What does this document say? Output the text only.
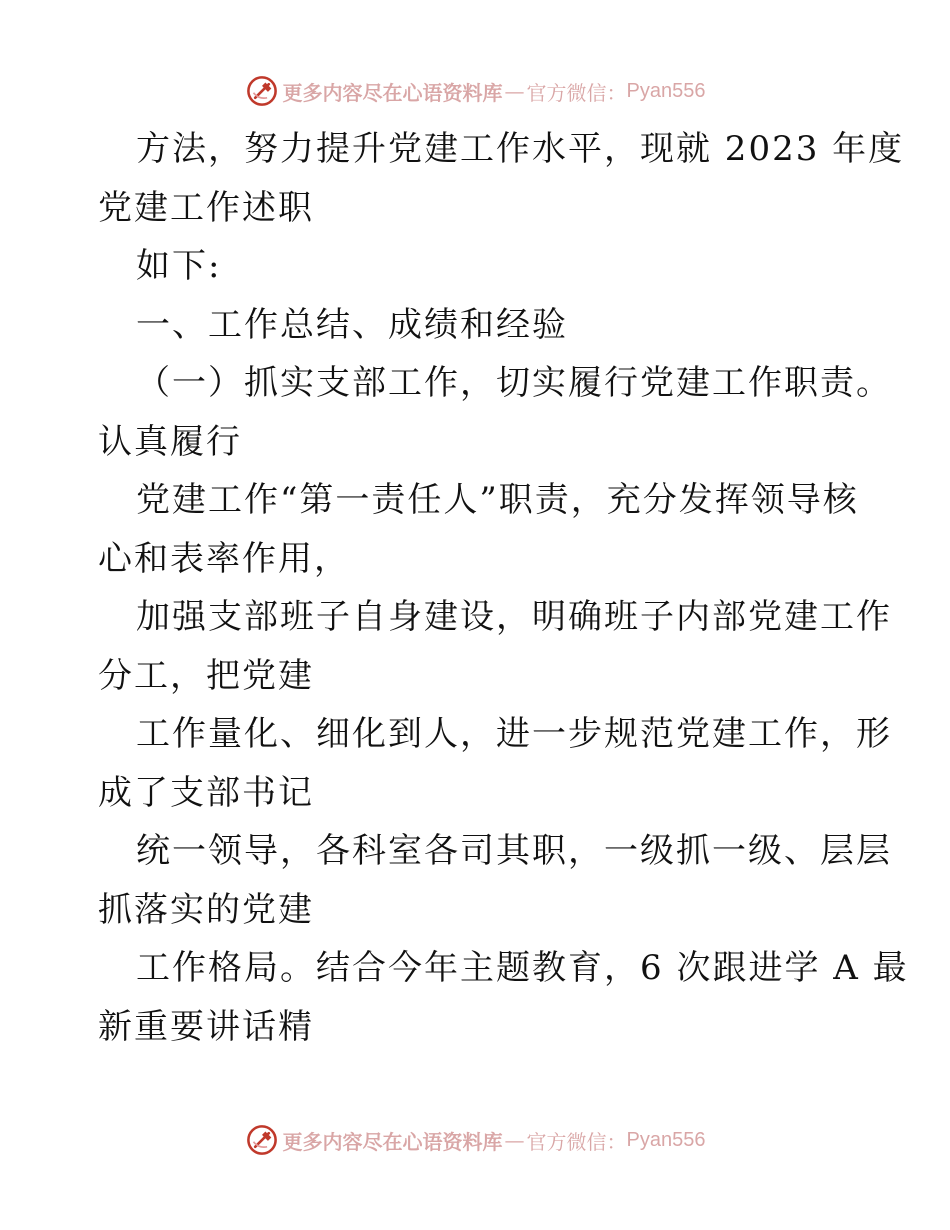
更多内容尽在心语资料库 — 官方微信： Pyan556

方法，努力提升党建工作水平，现就 2023 年度

党建工作述职

如下:

一、工作总结、成绩和经验

（一）抓实支部工作，切实履行党建工作职责。

认真履行

党建工作“第一责任人”职责，充分发挥领导核

心和表率作用，

加强支部班子自身建设，明确班子内部党建工作

分工，把党建

工作量化、细化到人，进一步规范党建工作，形

成了支部书记

统一领导，各科室各司其职，一级抓一级、层层

抓落实的党建

工作格局。结合今年主题教育，6 次跟进学 A 最

新重要讲话精

更多内容尽在心语资料库 — 官方微信： Pyan556
